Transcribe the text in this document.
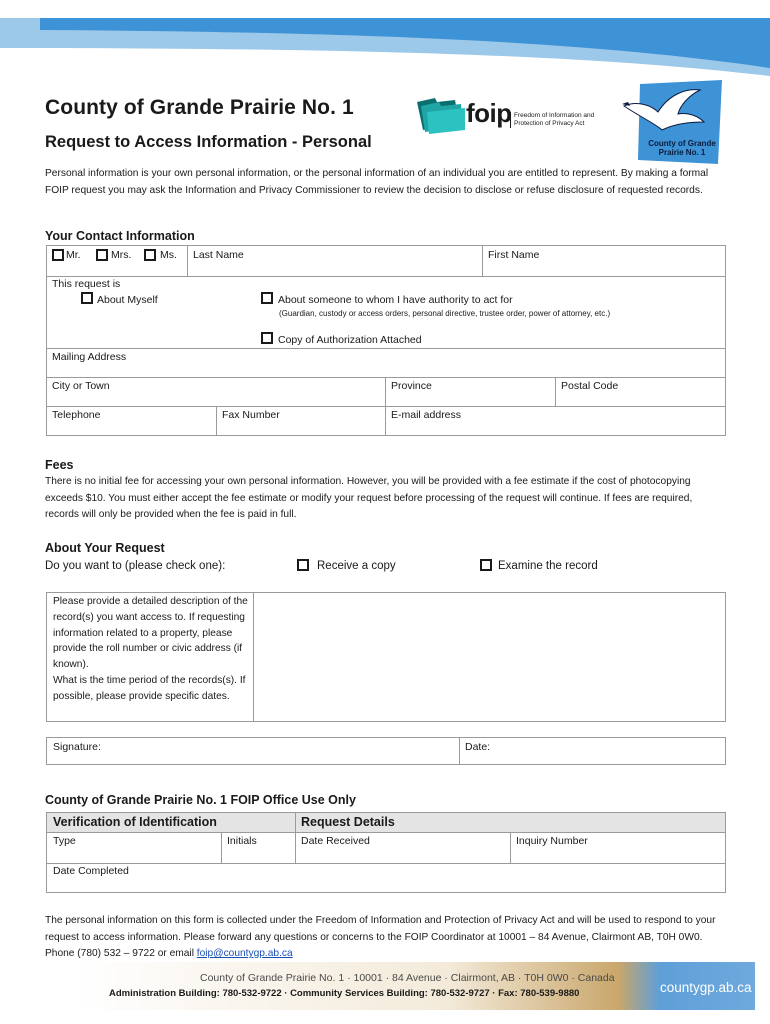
County of Grande Prairie No. 1
Request to Access Information - Personal
foip Freedom of Information and Protection of Privacy Act
County of Grande Prairie No. 1
Personal information is your own personal information, or the personal information of an individual you are entitled to represent. By making a formal FOIP request you may ask the Information and Privacy Commissioner to review the decision to disclose or refuse disclosure of requested records.
Your Contact Information
Mr.	Mrs.	Ms. Last Name	First Name
This request is
About Myself	About someone to whom I have authority to act for
(Guardian, custody or access orders, personal directive, trustee order, power of attorney, etc.)
Copy of Authorization Attached
Mailing Address
City or Town	Province	Postal Code
Telephone	Fax Number	E-mail address
Fees
There is no initial fee for accessing your own personal information. However, you will be provided with a fee estimate if the cost of photocopying exceeds $10. You must either accept the fee estimate or modify your request before processing of the request will continue. If fees are required, records will only be provided when the fee is paid in full.
About Your Request
Do you want to (please check one):	Receive a copy	Examine the record
Please provide a detailed description of the record(s) you want access to. If requesting information related to a property, please provide the roll number or civic address (if known).
What is the time period of the records(s). If possible, please provide specific dates.
Signature:	Date:
County of Grande Prairie No. 1 FOIP Office Use Only
Verification of Identification	Request Details
Type	Initials	Date Received	Inquiry Number
Date Completed
The personal information on this form is collected under the Freedom of Information and Protection of Privacy Act and will be used to respond to your request to access information. Please forward any questions or concerns to the FOIP Coordinator at 10001 – 84 Avenue, Clairmont AB, T0H 0W0. Phone (780) 532 – 9722 or email foip@countygp.ab.ca
County of Grande Prairie No. 1 · 10001 · 84 Avenue · Clairmont, AB · T0H 0W0 · Canada
Administration Building: 780-532-9722 · Community Services Building: 780-532-9727 · Fax: 780-539-9880	countygp.ab.ca
